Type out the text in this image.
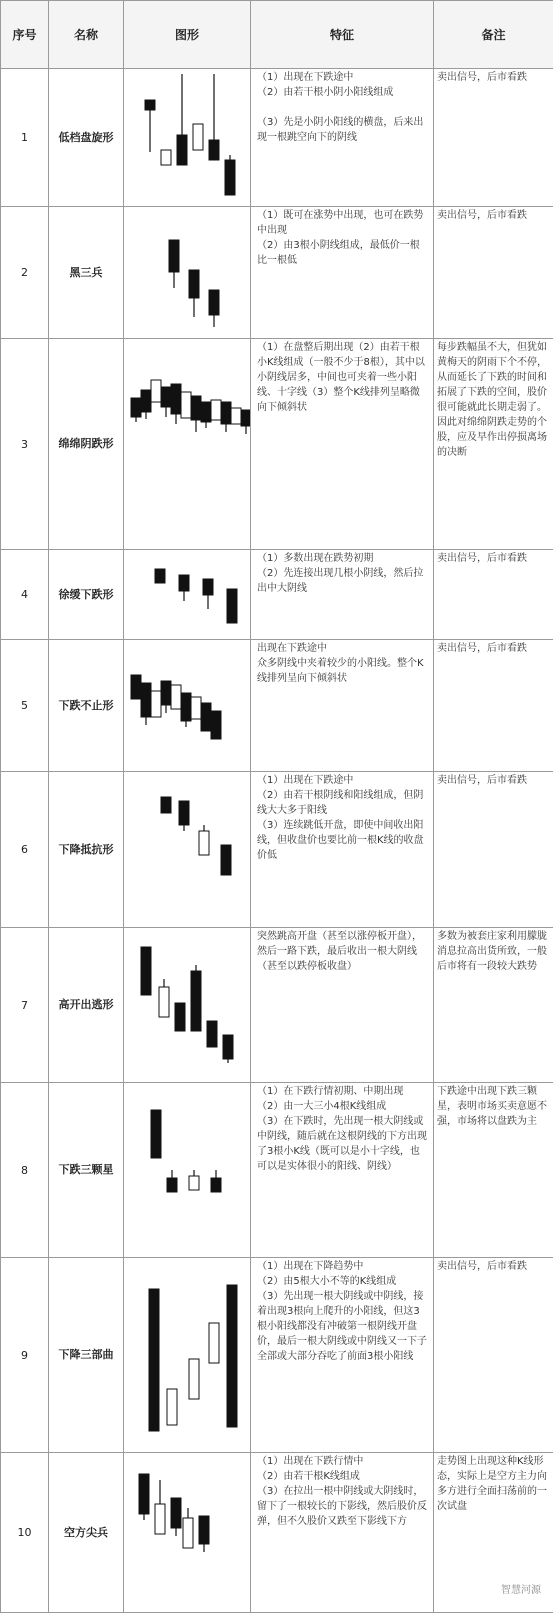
序号	名称	图形	特征	备注
1	低档盘旋形		（1）出现在下跌途中
（2）由若干根小阴小阳线组成

（3）先是小阴小阳线的横盘，后来出现一根跳空向下的阴线	卖出信号，后市看跌

2	黑三兵		（1）既可在涨势中出现，也可在跌势中出现
（2）由3根小阴线组成，最低价一根比一根低	卖出信号，后市看跌

3	绵绵阴跌形		（1）在盘整后期出现（2）由若干根小K线组成（一般不少于8根），其中以小阴线居多，中间也可夹着一些小阳线、十字线（3）整个K线排列呈略微向下倾斜状	每步跌幅虽不大，但犹如黄梅天的阴雨下个不停，从而延长了下跌的时间和拓展了下跌的空间，股价很可能就此长期走弱了。因此对绵绵阴跌走势的个股，应及早作出停损离场的决断

4	徐缓下跌形		（1）多数出现在跌势初期
（2）先连接出现几根小阴线，然后拉出中大阴线	卖出信号，后市看跌

5	下跌不止形		出现在下跌途中
众多阴线中夹着较少的小阳线。整个K线排列呈向下倾斜状	卖出信号，后市看跌

6	下降抵抗形		（1）出现在下跌途中
（2）由若干根阴线和阳线组成，但阴线大大多于阳线
（3）连续跳低开盘，即使中间收出阳线，但收盘价也要比前一根K线的收盘价低	卖出信号，后市看跌

7	高开出逃形		突然跳高开盘（甚至以涨停板开盘），然后一路下跌，最后收出一根大阴线（甚至以跌停板收盘）	多数为被套庄家利用朦胧消息拉高出货所致，一般后市将有一段较大跌势

8	下跌三颗星		（1）在下跌行情初期、中期出现
（2）由一大三小4根K线组成
（3）在下跌时，先出现一根大阴线或中阴线，随后就在这根阴线的下方出现了3根小K线（既可以是小十字线，也可以是实体很小的阳线、阴线）	下跌途中出现下跌三颗星，表明市场买卖意愿不强，市场将以盘跌为主

9	下降三部曲		（1）出现在下降趋势中
（2）由5根大小不等的K线组成
（3）先出现一根大阴线或中阴线，接着出现3根向上爬升的小阳线，但这3根小阳线都没有冲破第一根阴线开盘价，最后一根大阴线或中阴线又一下子全部或大部分吞吃了前面3根小阳线	卖出信号，后市看跌

10	空方尖兵		（1）出现在下跌行情中
（2）由若干根K线组成
（3）在拉出一根中阴线或大阴线时，留下了一根较长的下影线，然后股价反弹，但不久股价又跌至下影线下方	走势图上出现这种K线形态，实际上是空方主力向多方进行全面扫荡前的一次试盘
智慧河源
